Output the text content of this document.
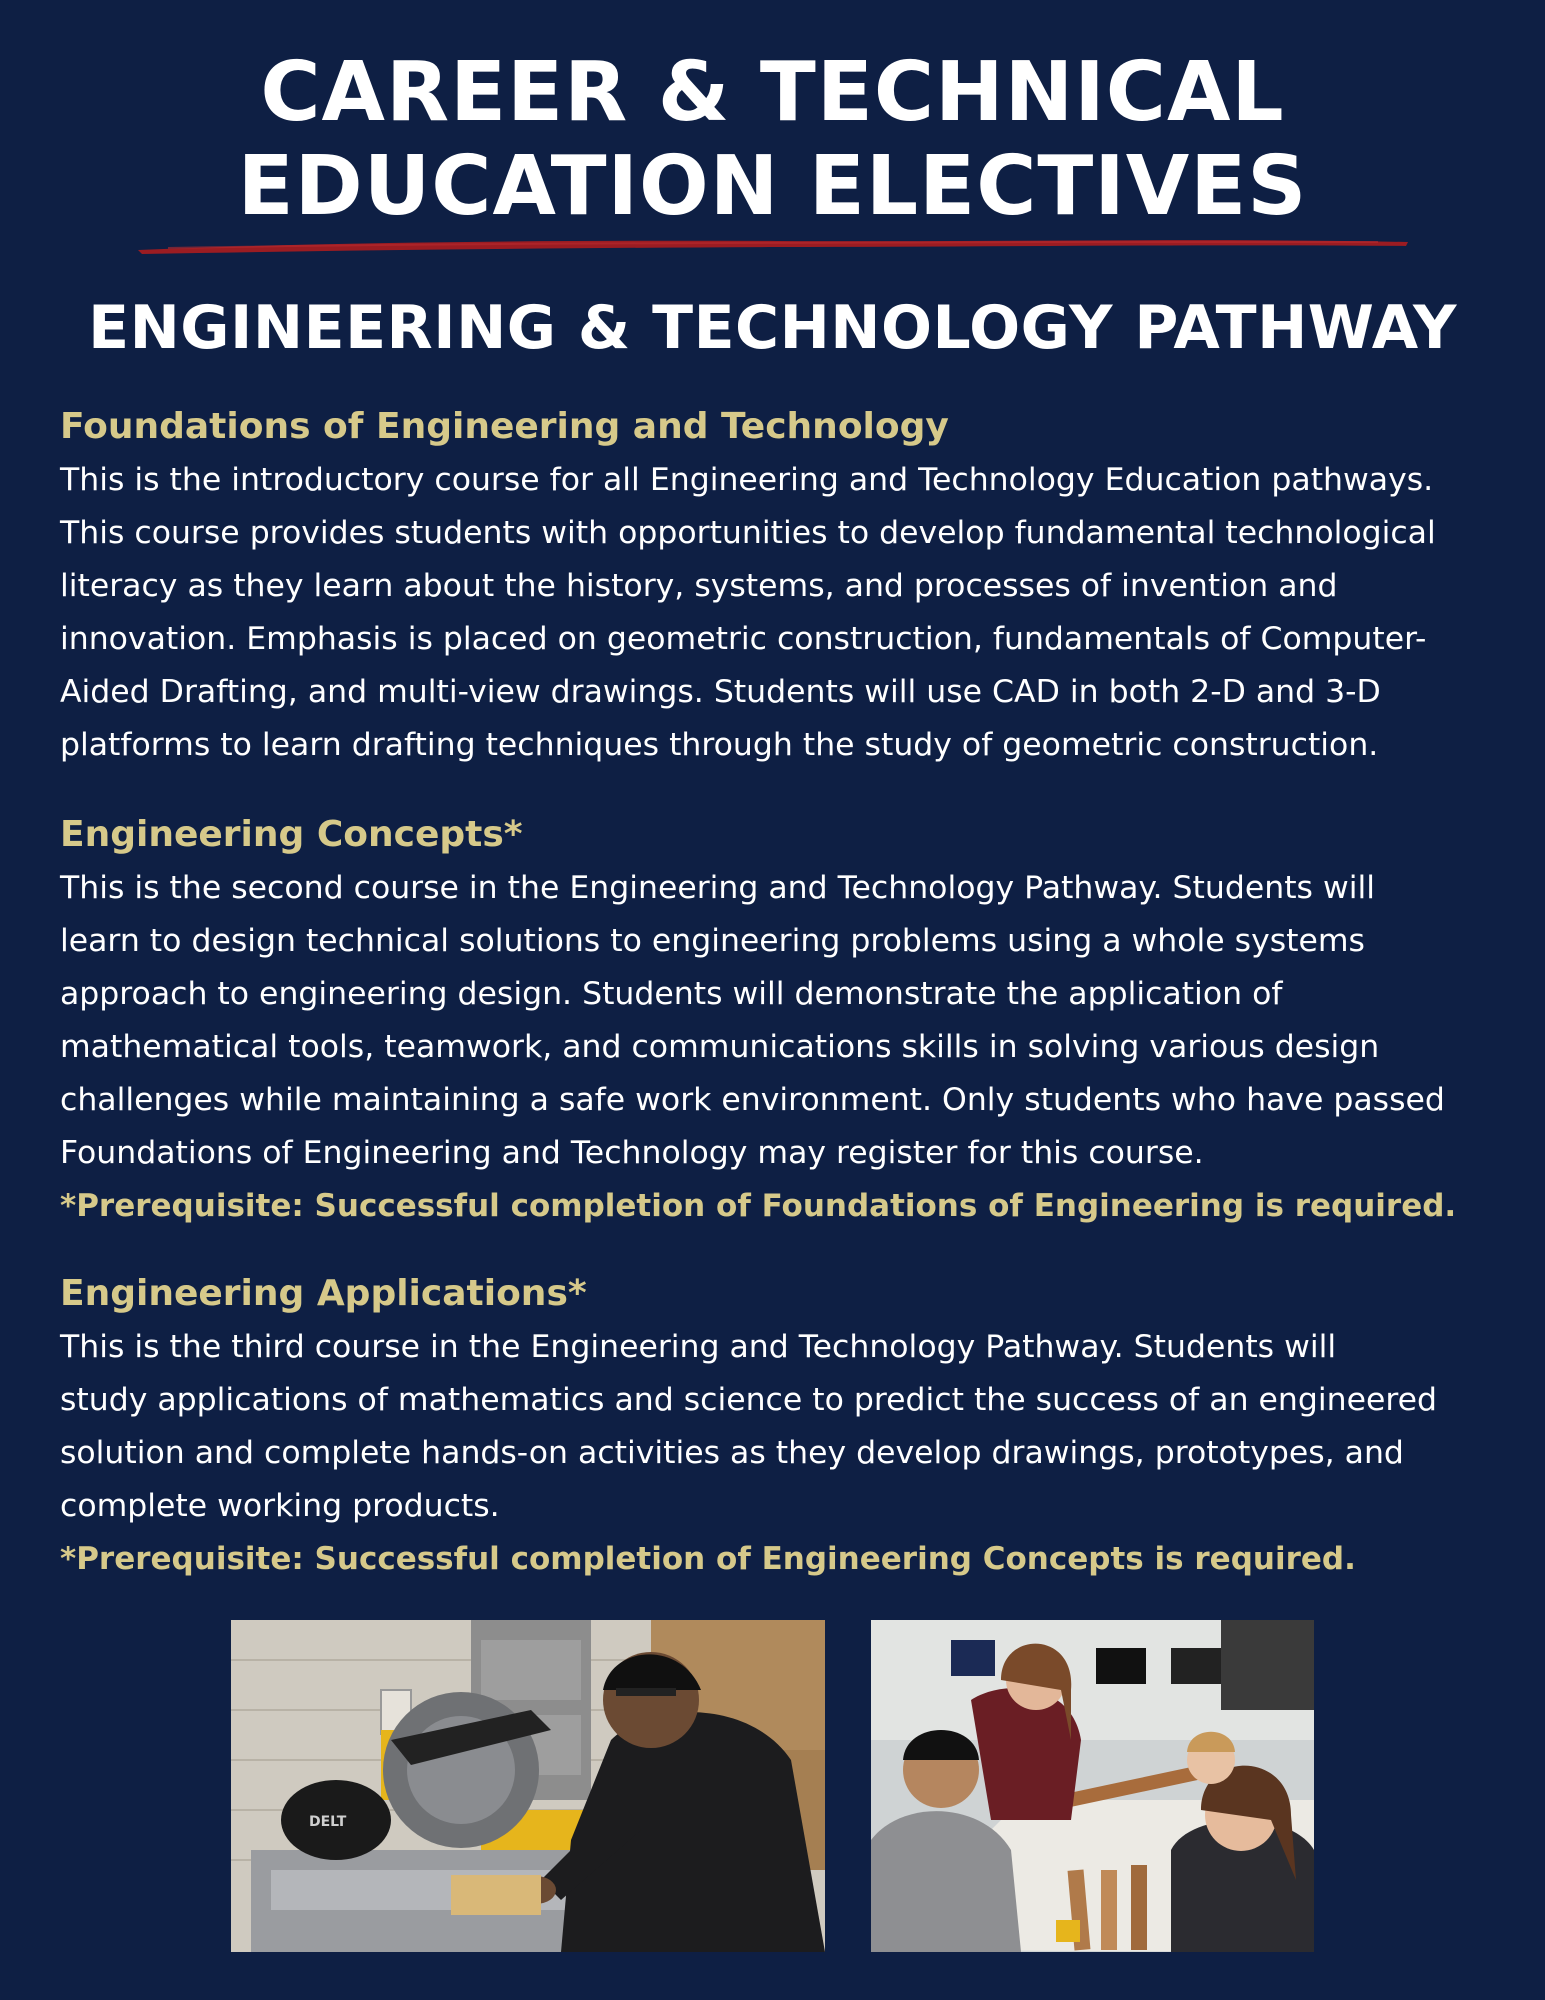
CAREER & TECHNICAL
EDUCATION ELECTIVES
ENGINEERING & TECHNOLOGY PATHWAY

Foundations of Engineering and Technology

This is the introductory course for all Engineering and Technology Education pathways.
This course provides students with opportunities to develop fundamental technological
literacy as they learn about the history, systems, and processes of invention and
innovation. Emphasis is placed on geometric construction, fundamentals of Computer-
Aided Drafting, and multi-view drawings. Students will use CAD in both 2-D and 3-D
platforms to learn drafting techniques through the study of geometric construction.

Engineering Concepts*

This is the second course in the Engineering and Technology Pathway. Students will
learn to design technical solutions to engineering problems using a whole systems
approach to engineering design. Students will demonstrate the application of
mathematical tools, teamwork, and communications skills in solving various design
challenges while maintaining a safe work environment. Only students who have passed
Foundations of Engineering and Technology may register for this course.

*Prerequisite: Successful completion of Foundations of Engineering is required.

Engineering Applications*

This is the third course in the Engineering and Technology Pathway. Students will
study applications of mathematics and science to predict the success of an engineered
solution and complete hands-on activities as they develop drawings, prototypes, and
complete working products.

*Prerequisite: Successful completion of Engineering Concepts is required.

DELT
